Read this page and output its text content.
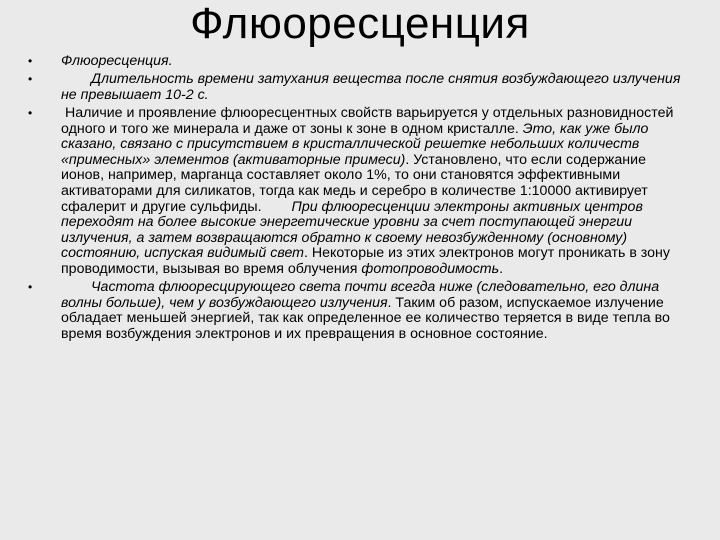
Флюоресценция
•	Флюоресценция.
•	Длительность времени затухания вещества после снятия возбуждающего излучения не превышает 10-2 с.
•	Наличие и проявление флюоресцентных свойств варьируется у отдельных разновидностей одного и того же минерала и даже от зоны к зоне в одном кристалле. Это, как уже было сказано, связано с присутствием в кристаллической решетке небольших количеств «примесных» элементов (активаторные примеси). Установлено, что если содержание ионов, например, марганца составляет около 1%, то они становятся эффективными активаторами для силикатов, тогда как медь и серебро в количестве 1:10000 активирует сфалерит и другие сульфиды. При флюоресценции электроны активных центров переходят на более высокие энергетические уровни за счет поступающей энергии излучения, а затем возвращаются обратно к своему невозбужденному (основному) состоянию, испуская видимый свет. Некоторые из этих электронов могут проникать в зону проводимости, вызывая во время облучения фотопроводимость.
•	Частота флюоресцирующего света почти всегда ниже (следовательно, его длина волны больше), чем у возбуждающего излучения. Таким об разом, испускаемое излучение обладает меньшей энергией, так как определенное ее количество теряется в виде тепла во время возбуждения электронов и их превращения в основное состояние.
